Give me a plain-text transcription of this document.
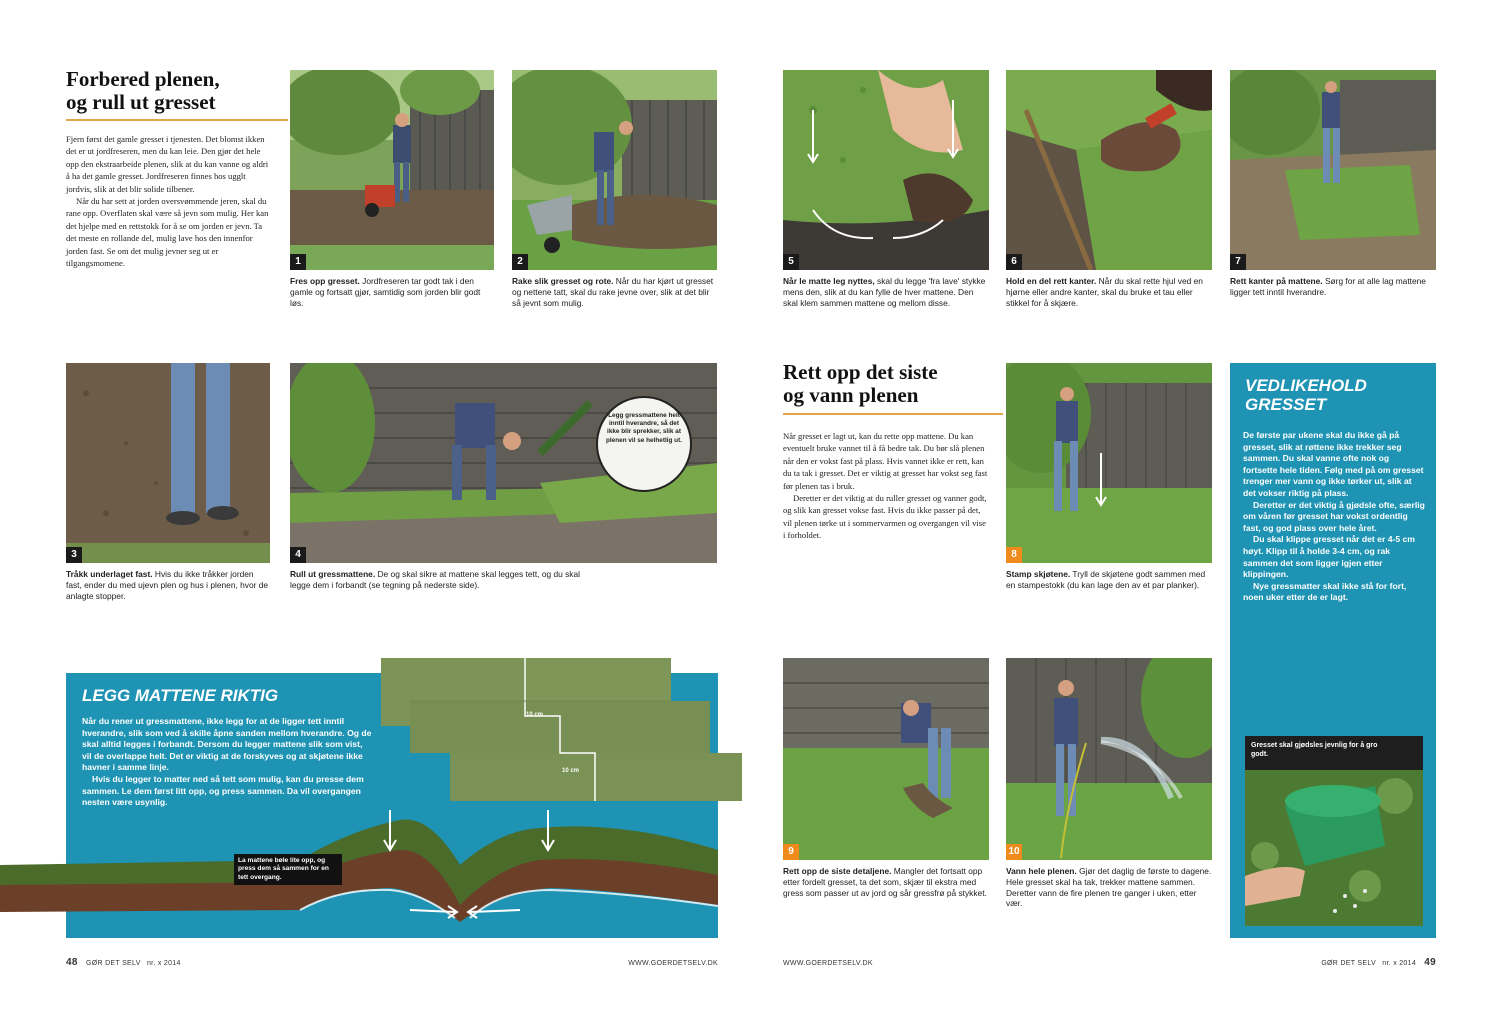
Forbered plenen,
og rull ut gresset

Fjern først det gamle gresset i tjenesten. Det blomst ikken det er ut jordfreseren, men du kan leie. Den gjør det hele opp den ekstraarbeide plenen, slik at du kan vanne og aldri å ha det gamle gresset. Jordfreseren finnes hos ugglt jordvis, slik at det blir solide tilbener.

Når du har sett at jorden oversvømmende jeren, skal du rane opp. Overflaten skal være så jevn som mulig. Her kan det hjelpe med en rettstokk for å se om jorden er jevn. Ta det meste en rollande del, mulig lave hos den innenfor jorden fast. Se om det mulig jevner seg ut er tilgangsmomene.	1
Fres opp gresset. Jordfreseren tar godt tak i den gamle og fortsatt gjør, samtidig som jorden blir godt løs.
2
Rake slik gresset og rote. Når du har kjørt ut gresset og nettene tatt, skal du rake jevne over, slik at det blir så jevnt som mulig.
3
Tråkk underlaget fast. Hvis du ikke tråkker jorden fast, ender du med ujevn plen og hus i plenen, hvor de anlagte stopper.
4
Legg gressmattene helt inntil hverandre, så det ikke blir sprekker, slik at plenen vil se helhetlig ut.
Rull ut gressmattene. De og skal sikre at mattene skal legges tett, og du skal legge dem i forbandt (se tegning på nederste side).
10 cm
10 cm
LEGG MATTENE RIKTIG

Når du rener ut gressmattene, ikke legg for at de ligger tett inntil hverandre, slik som ved å skille åpne sanden mellom hverandre. Og de skal alltid legges i forbandt. Dersom du legger mattene slik som vist, vil de overlappe helt. Det er viktig at de forskyves og at skjøtene ikke havner i samme linje.

Hvis du legger to matter ned så tett som mulig, kan du presse dem sammen. Le dem først litt opp, og press sammen. Da vil overgangen nesten være usynlig.

La mattene bøle lite opp, og press dem så sammen for en tett overgang.
48 GØR DET SELV nr. x 2014	WWW.GOERDETSELV.DK
5
Når le matte leg nyttes, skal du legge 'fra lave' stykke mens den, slik at du kan fylle de hver mattene. Den skal klem sammen mattene og mellom disse.
6
Hold en del rett kanter. Når du skal rette hjul ved en hjørne eller andre kanter, skal du bruke et tau eller stikkel for å skjære.
7
Rett kanter på mattene. Sørg for at alle lag mattene ligger tett inntil hverandre.
Rett opp det siste
og vann plenen

Når gresset er lagt ut, kan du rette opp mattene. Du kan eventuelt bruke vannet til å få bedre tak. Du bør slå plenen når den er vokst fast på plass. Hvis vannet ikke er rett, kan du ta tak i gresset. Det er viktig at gresset har vokst seg fast før plenen tas i bruk.

Deretter er det viktig at du ruller gresset og vanner godt, og slik kan gresset vokse fast. Hvis du ikke passer på det, vil plenen tørke ut i sommervarmen og overgangen vil vise i forholdet.

8
Stamp skjøtene. Tryll de skjøtene godt sammen med en stampestokk (du kan lage den av et par planker).
9
Rett opp de siste detaljene. Mangler det fortsatt opp etter fordelt gresset, ta det som, skjær til ekstra med gress som passer ut av jord og sår gressfrø på stykket.
10
Vann hele plenen. Gjør det daglig de første to dagene. Hele gresset skal ha tak, trekker mattene sammen. Deretter vann de fire plenen tre ganger i uken, etter vær.
VEDLIKEHOLD
GRESSET

De første par ukene skal du ikke gå på gresset, slik at røttene ikke trekker seg sammen. Du skal vanne ofte nok og fortsette hele tiden. Følg med på om gresset trenger mer vann og ikke tørker ut, slik at det vokser riktig på plass.

Deretter er det viktig å gjødsle ofte, særlig om våren før gresset har vokst ordentlig fast, og god plass over hele året.

Du skal klippe gresset når det er 4-5 cm høyt. Klipp til å holde 3-4 cm, og rak sammen det som ligger igjen etter klippingen.

Nye gressmatter skal ikke stå for fort, noen uker etter de er lagt.

Gresset skal gjødsles jevnlig for å gro godt.
WWW.GOERDETSELV.DK	GØR DET SELV nr. x 2014 49
